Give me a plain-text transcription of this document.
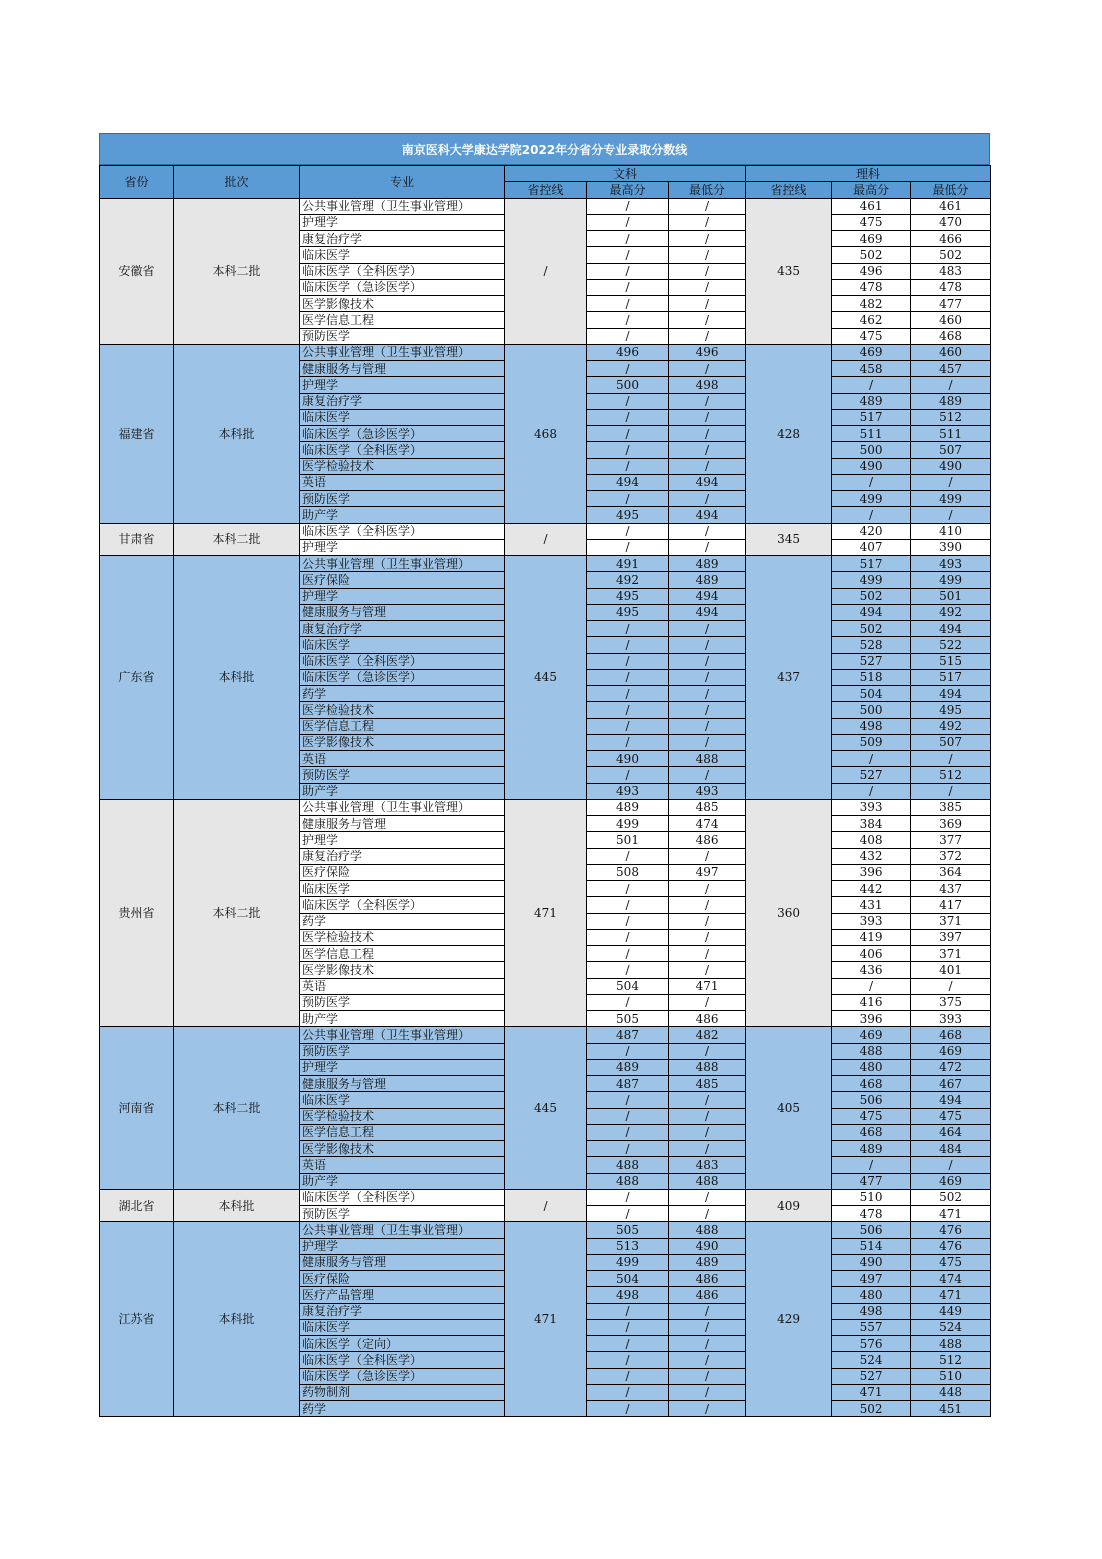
南京医科大学康达学院2022年分省分专业录取分数线
省份	批次	专业	文科			理科		
			省控线	最高分	最低分	省控线	最高分	最低分
安徽省	本科二批	公共事业管理（卫生事业管理）	/	/	/	435	461	461
		护理学		/	/		475	470
		康复治疗学		/	/		469	466
		临床医学		/	/		502	502
		临床医学（全科医学）		/	/		496	483
		临床医学（急诊医学）		/	/		478	478
		医学影像技术		/	/		482	477
		医学信息工程		/	/		462	460
		预防医学		/	/		475	468
福建省	本科批	公共事业管理（卫生事业管理）	468	496	496	428	469	460
		健康服务与管理		/	/		458	457
		护理学		500	498		/	/
		康复治疗学		/	/		489	489
		临床医学		/	/		517	512
		临床医学（急诊医学）		/	/		511	511
		临床医学（全科医学）		/	/		500	507
		医学检验技术		/	/		490	490
		英语		494	494		/	/
		预防医学		/	/		499	499
		助产学		495	494		/	/
甘肃省	本科二批	临床医学（全科医学）	/	/	/	345	420	410
		护理学		/	/		407	390
广东省	本科批	公共事业管理（卫生事业管理）	445	491	489	437	517	493
		医疗保险		492	489		499	499
		护理学		495	494		502	501
		健康服务与管理		495	494		494	492
		康复治疗学		/	/		502	494
		临床医学		/	/		528	522
		临床医学（全科医学）		/	/		527	515
		临床医学（急诊医学）		/	/		518	517
		药学		/	/		504	494
		医学检验技术		/	/		500	495
		医学信息工程		/	/		498	492
		医学影像技术		/	/		509	507
		英语		490	488		/	/
		预防医学		/	/		527	512
		助产学		493	493		/	/
贵州省	本科二批	公共事业管理（卫生事业管理）	471	489	485	360	393	385
		健康服务与管理		499	474		384	369
		护理学		501	486		408	377
		康复治疗学		/	/		432	372
		医疗保险		508	497		396	364
		临床医学		/	/		442	437
		临床医学（全科医学）		/	/		431	417
		药学		/	/		393	371
		医学检验技术		/	/		419	397
		医学信息工程		/	/		406	371
		医学影像技术		/	/		436	401
		英语		504	471		/	/
		预防医学		/	/		416	375
		助产学		505	486		396	393
河南省	本科二批	公共事业管理（卫生事业管理）	445	487	482	405	469	468
		预防医学		/	/		488	469
		护理学		489	488		480	472
		健康服务与管理		487	485		468	467
		临床医学		/	/		506	494
		医学检验技术		/	/		475	475
		医学信息工程		/	/		468	464
		医学影像技术		/	/		489	484
		英语		488	483		/	/
		助产学		488	488		477	469
湖北省	本科批	临床医学（全科医学）	/	/	/	409	510	502
		预防医学		/	/		478	471
江苏省	本科批	公共事业管理（卫生事业管理）	471	505	488	429	506	476
		护理学		513	490		514	476
		健康服务与管理		499	489		490	475
		医疗保险		504	486		497	474
		医疗产品管理		498	486		480	471
		康复治疗学		/	/		498	449
		临床医学		/	/		557	524
		临床医学（定向）		/	/		576	488
		临床医学（全科医学）		/	/		524	512
		临床医学（急诊医学）		/	/		527	510
		药物制剂		/	/		471	448
		药学		/	/		502	451
